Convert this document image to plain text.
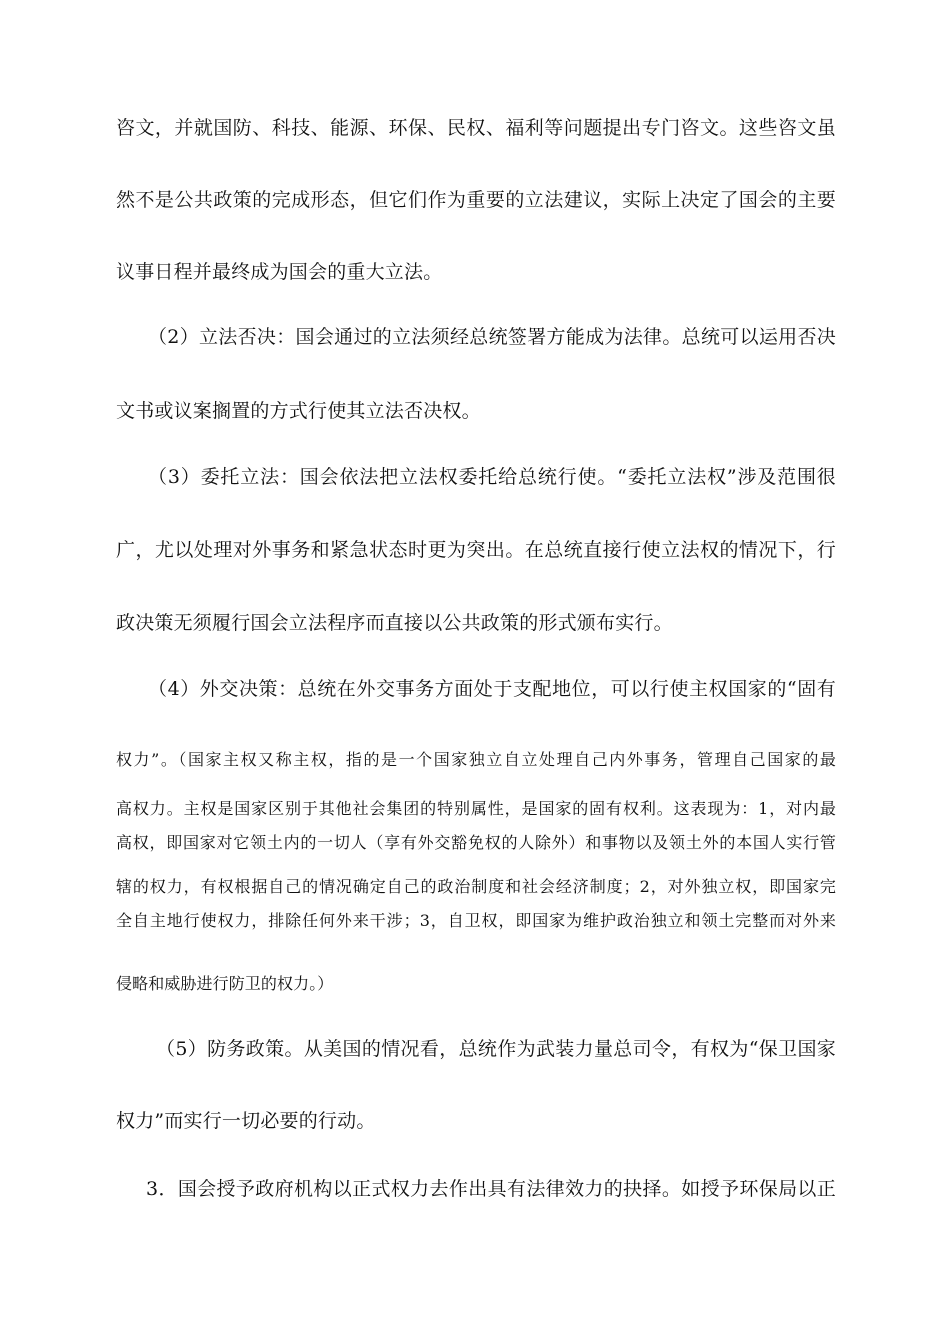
咨文，并就国防、科技、能源、环保、民权、福利等问题提出专门咨文。这些咨文虽
然不是公共政策的完成形态，但它们作为重要的立法建议，实际上决定了国会的主要
议事日程并最终成为国会的重大立法。
（2）立法否决：国会通过的立法须经总统签署方能成为法律。总统可以运用否决
文书或议案搁置的方式行使其立法否决权。
（3）委托立法：国会依法把立法权委托给总统行使。“委托立法权”涉及范围很
广，尤以处理对外事务和紧急状态时更为突出。在总统直接行使立法权的情况下，行
政决策无须履行国会立法程序而直接以公共政策的形式颁布实行。
（4）外交决策：总统在外交事务方面处于支配地位，可以行使主权国家的“固有
权力”。（国家主权又称主权，指的是一个国家独立自立处理自己内外事务，管理自己国家的最
高权力。主权是国家区别于其他社会集团的特别属性，是国家的固有权利。这表现为：1，对内最
高权，即国家对它领土内的一切人（享有外交豁免权的人除外）和事物以及领土外的本国人实行管
辖的权力，有权根据自己的情况确定自己的政治制度和社会经济制度；2，对外独立权，即国家完
全自主地行使权力，排除任何外来干涉；3，自卫权，即国家为维护政治独立和领土完整而对外来
侵略和威胁进行防卫的权力。）
（5）防务政策。从美国的情况看，总统作为武装力量总司令，有权为“保卫国家
权力”而实行一切必要的行动。
3．国会授予政府机构以正式权力去作出具有法律效力的抉择。如授予环保局以正
